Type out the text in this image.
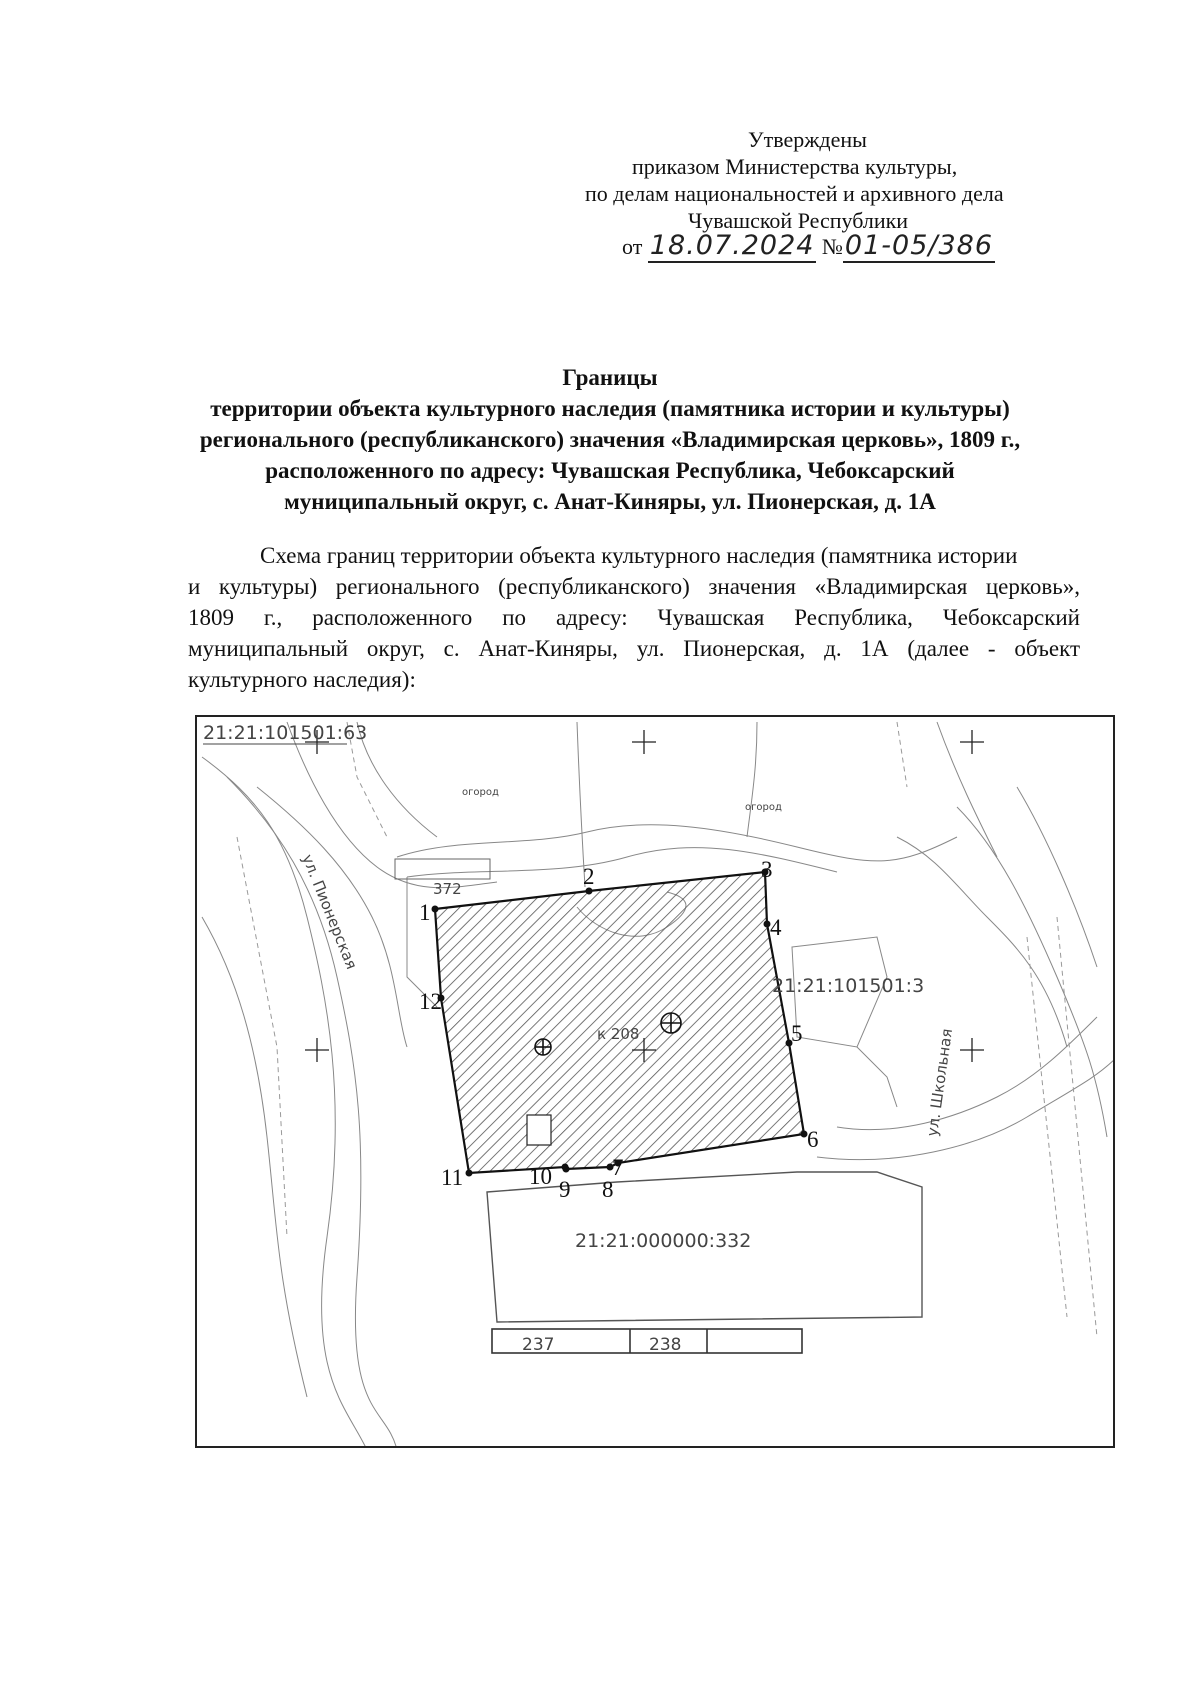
Утверждены
приказом Министерства культуры,
по делам национальностей и архивного дела
Чувашской Республики
от 18.07.2024 №01-05/386
Границы
территории объекта культурного наследия (памятника истории и культуры)
регионального (республиканского) значения «Владимирская церковь», 1809 г.,
расположенного по адресу: Чувашская Республика, Чебоксарский
муниципальный округ, с. Анат-Киняры, ул. Пионерская, д. 1А
Схема границ территории объекта культурного наследия (памятника истории
и культуры) регионального (республиканского) значения «Владимирская церковь»,
1809 г., расположенного по адресу: Чувашская Республика, Чебоксарский
муниципальный округ, с. Анат-Киняры, ул. Пионерская, д. 1А (далее - объект
культурного наследия):
21:21:101501:63
21:21:101501:3
21:21:000000:332
ул. Пионерская
ул. Школьная
огород
огород
372
к 208
237	238
1
2	3
4
5
6
7
8
9
10
11
12
